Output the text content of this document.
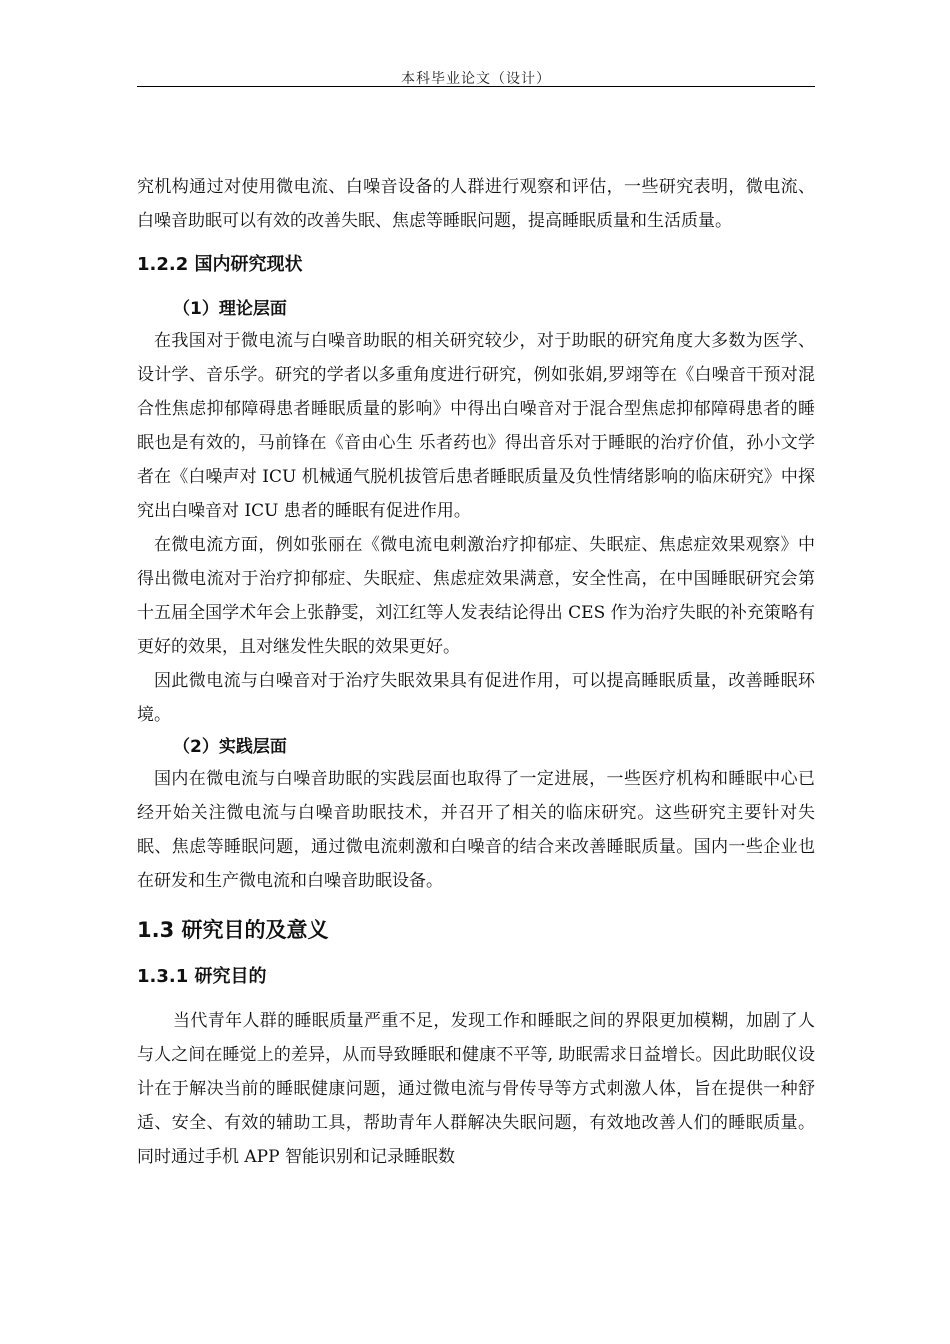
本科毕业论文（设计）

究机构通过对使用微电流、白噪音设备的人群进行观察和评估，一些研究表明，微电流、白噪音助眠可以有效的改善失眠、焦虑等睡眠问题，提高睡眠质量和生活质量。

1.2.2 国内研究现状
（1）理论层面

在我国对于微电流与白噪音助眠的相关研究较少，对于助眠的研究角度大多数为医学、设计学、音乐学。研究的学者以多重角度进行研究，例如张娟,罗翊等在《白噪音干预对混合性焦虑抑郁障碍患者睡眠质量的影响》中得出白噪音对于混合型焦虑抑郁障碍患者的睡眠也是有效的，马前锋在《音由心生 乐者药也》得出音乐对于睡眠的治疗价值，孙小文学者在《白噪声对 ICU 机械通气脱机拔管后患者睡眠质量及负性情绪影响的临床研究》中探究出白噪音对 ICU 患者的睡眠有促进作用。

在微电流方面，例如张丽在《微电流电刺激治疗抑郁症、失眠症、焦虑症效果观察》中得出微电流对于治疗抑郁症、失眠症、焦虑症效果满意，安全性高，在中国睡眠研究会第十五届全国学术年会上张静雯，刘江红等人发表结论得出 CES 作为治疗失眠的补充策略有更好的效果，且对继发性失眠的效果更好。

因此微电流与白噪音对于治疗失眠效果具有促进作用，可以提高睡眠质量，改善睡眠环境。

（2）实践层面

国内在微电流与白噪音助眠的实践层面也取得了一定进展，一些医疗机构和睡眠中心已经开始关注微电流与白噪音助眠技术，并召开了相关的临床研究。这些研究主要针对失眠、焦虑等睡眠问题，通过微电流刺激和白噪音的结合来改善睡眠质量。国内一些企业也在研发和生产微电流和白噪音助眠设备。

1.3 研究目的及意义
1.3.1 研究目的

当代青年人群的睡眠质量严重不足，发现工作和睡眠之间的界限更加模糊，加剧了人与人之间在睡觉上的差异，从而导致睡眠和健康不平等, 助眠需求日益增长。因此助眠仪设计在于解决当前的睡眠健康问题，通过微电流与骨传导等方式刺激人体，旨在提供一种舒适、安全、有效的辅助工具，帮助青年人群解决失眠问题，有效地改善人们的睡眠质量。同时通过手机 APP 智能识别和记录睡眠数
